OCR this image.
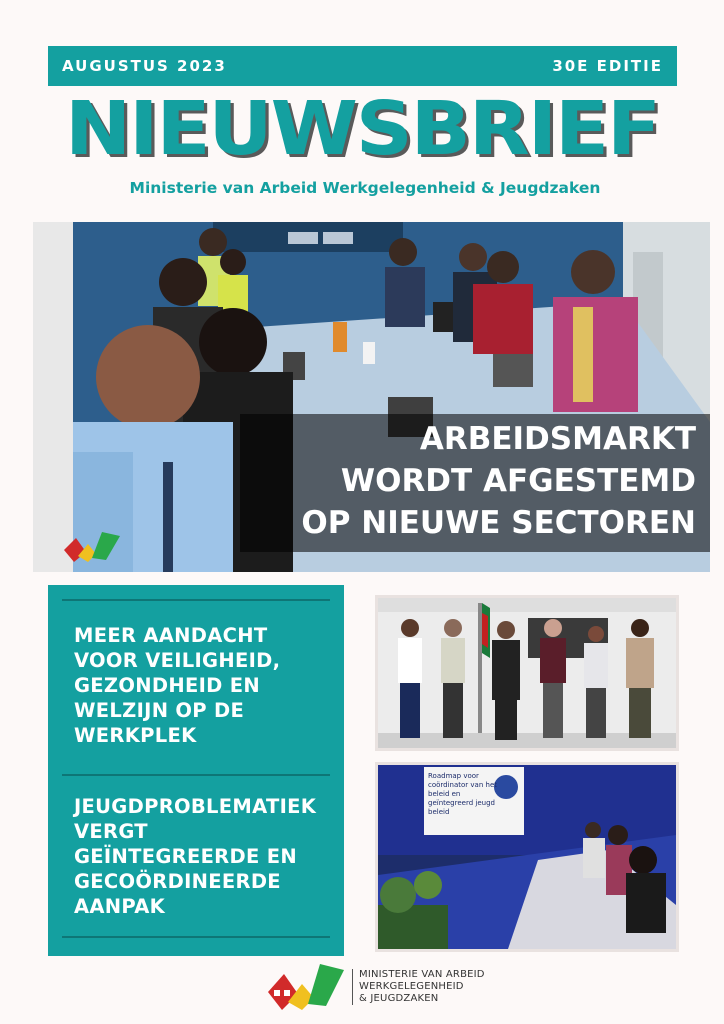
AUGUSTUS 2023	30E EDITIE
NIEUWSBRIEF
Ministerie van Arbeid Werkgelegenheid & Jeugdzaken
ARBEIDSMARKT
WORDT AFGESTEMD
OP NIEUWE SECTOREN
MEER AANDACHT
VOOR VEILIGHEID,
GEZONDHEID EN
WELZIJN OP DE
WERKPLEK
JEUGDPROBLEMATIEK
VERGT
GEÏNTEGREERDE EN
GECOÖRDINEERDE
AANPAK
Roadmap voor
coördinator van het
beleid en
geïntegreerd jeugd
beleid
MINISTERIE VAN ARBEID
WERKGELEGENHEID
& JEUGDZAKEN
